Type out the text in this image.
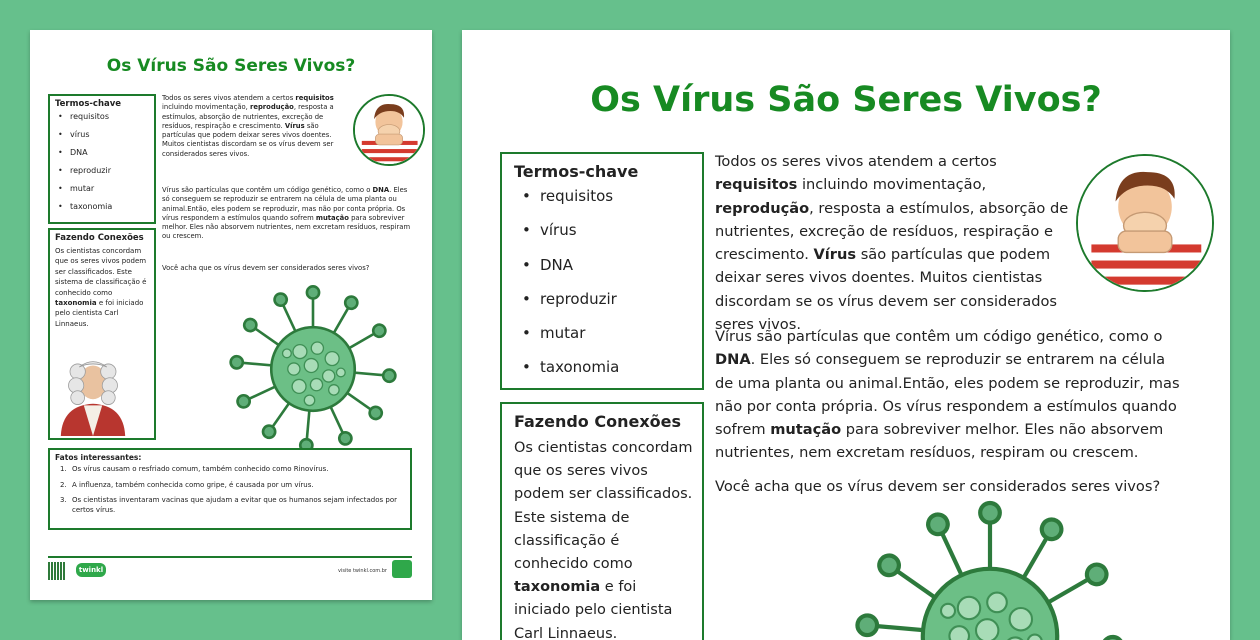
Os Vírus São Seres Vivos?

Termos-chave

• requisitos
• vírus
• DNA
• reproduzir
• mutar
• taxonomia

Fazendo Conexões

Os cientistas concordam que os seres vivos podem ser classificados. Este sistema de classificação é conhecido como taxonomia e foi iniciado pelo cientista Carl Linnaeus.

Todos os seres vivos atendem a certos requisitos incluindo movimentação, reprodução, resposta a estímulos, absorção de nutrientes, excreção de resíduos, respiração e crescimento. Vírus são partículas que podem deixar seres vivos doentes. Muitos cientistas discordam se os vírus devem ser considerados seres vivos.

Vírus são partículas que contêm um código genético, como o DNA. Eles só conseguem se reproduzir se entrarem na célula de uma planta ou animal.Então, eles podem se reproduzir, mas não por conta própria. Os vírus respondem a estímulos quando sofrem mutação para sobreviver melhor. Eles não absorvem nutrientes, nem excretam resíduos, respiram ou crescem.

Você acha que os vírus devem ser considerados seres vivos?

Fatos interessantes:

Os vírus causam o resfriado comum, também conhecido como Rinovírus.
A influenza, também conhecida como gripe, é causada por um vírus.
Os cientistas inventaram vacinas que ajudam a evitar que os humanos sejam infectados por certos vírus.
twinkl	visite twinkl.com.br
Os Vírus São Seres Vivos?

Termos-chave

• requisitos
• vírus
• DNA
• reproduzir
• mutar
• taxonomia

Fazendo Conexões

Os cientistas concordam que os seres vivos podem ser classificados. Este sistema de classificação é conhecido como taxonomia e foi iniciado pelo cientista Carl Linnaeus.

Todos os seres vivos atendem a certos requisitos incluindo movimentação, reprodução, resposta a estímulos, absorção de nutrientes, excreção de resíduos, respiração e crescimento. Vírus são partículas que podem deixar seres vivos doentes. Muitos cientistas discordam se os vírus devem ser considerados seres vivos.

Vírus são partículas que contêm um código genético, como o DNA. Eles só conseguem se reproduzir se entrarem na célula de uma planta ou animal.Então, eles podem se reproduzir, mas não por conta própria. Os vírus respondem a estímulos quando sofrem mutação para sobreviver melhor. Eles não absorvem nutrientes, nem excretam resíduos, respiram ou crescem.

Você acha que os vírus devem ser considerados seres vivos?
